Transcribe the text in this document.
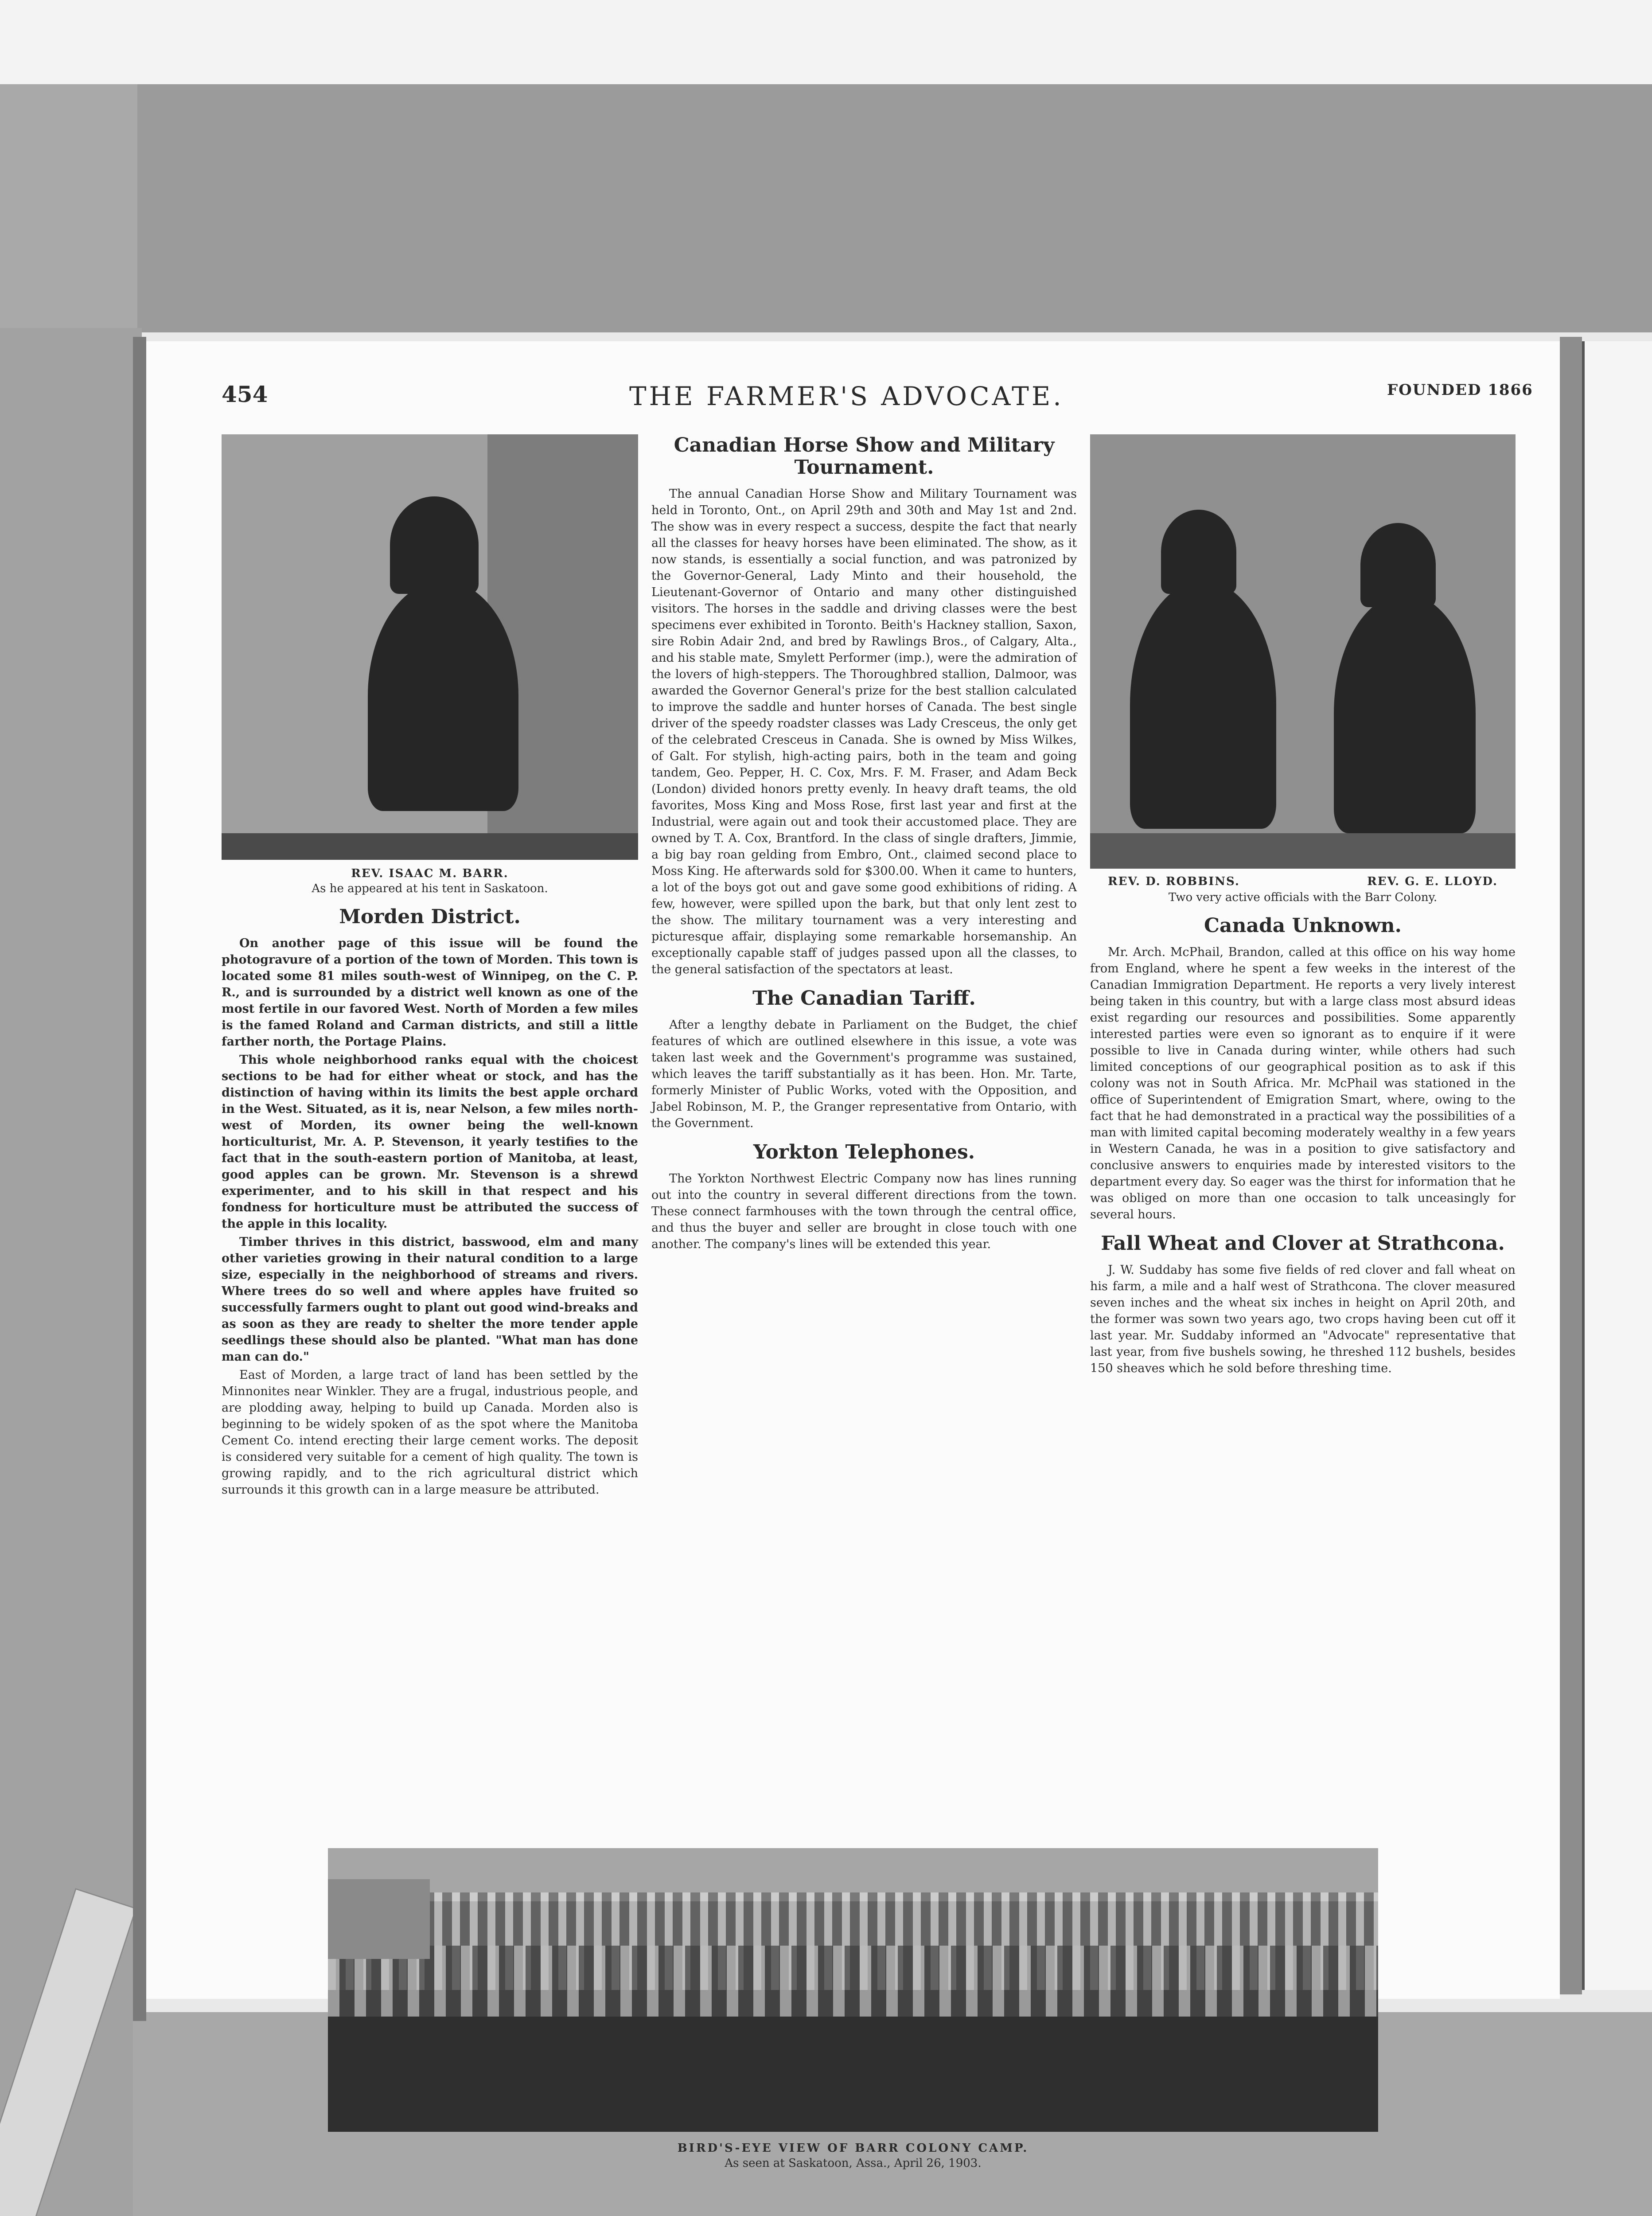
454	THE FARMER'S ADVOCATE.	FOUNDED 1866
REV. ISAAC M. BARR.
As he appeared at his tent in Saskatoon.
Morden District.

On another page of this issue will be found the photogravure of a portion of the town of Morden. This town is located some 81 miles south-west of Winnipeg, on the C. P. R., and is surrounded by a district well known as one of the most fertile in our favored West. North of Morden a few miles is the famed Roland and Carman districts, and still a little farther north, the Portage Plains.

This whole neighborhood ranks equal with the choicest sections to be had for either wheat or stock, and has the distinction of having within its limits the best apple orchard in the West. Situated, as it is, near Nelson, a few miles north-west of Morden, its owner being the well-known horticulturist, Mr. A. P. Stevenson, it yearly testifies to the fact that in the south-eastern portion of Manitoba, at least, good apples can be grown. Mr. Stevenson is a shrewd experimenter, and to his skill in that respect and his fondness for horticulture must be attributed the success of the apple in this locality.

Timber thrives in this district, basswood, elm and many other varieties growing in their natural condition to a large size, especially in the neighborhood of streams and rivers. Where trees do so well and where apples have fruited so successfully farmers ought to plant out good wind-breaks and as soon as they are ready to shelter the more tender apple seedlings these should also be planted. "What man has done man can do."

East of Morden, a large tract of land has been settled by the Minnonites near Winkler. They are a frugal, industrious people, and are plodding away, helping to build up Canada. Morden also is beginning to be widely spoken of as the spot where the Manitoba Cement Co. intend erecting their large cement works. The deposit is considered very suitable for a cement of high quality. The town is growing rapidly, and to the rich agricultural district which surrounds it this growth can in a large measure be attributed.

Canadian Horse Show and Military Tournament.

The annual Canadian Horse Show and Military Tournament was held in Toronto, Ont., on April 29th and 30th and May 1st and 2nd. The show was in every respect a success, despite the fact that nearly all the classes for heavy horses have been eliminated. The show, as it now stands, is essentially a social function, and was patronized by the Governor-General, Lady Minto and their household, the Lieutenant-Governor of Ontario and many other distinguished visitors. The horses in the saddle and driving classes were the best specimens ever exhibited in Toronto. Beith's Hackney stallion, Saxon, sire Robin Adair 2nd, and bred by Rawlings Bros., of Calgary, Alta., and his stable mate, Smylett Performer (imp.), were the admiration of the lovers of high-steppers. The Thoroughbred stallion, Dalmoor, was awarded the Governor General's prize for the best stallion calculated to improve the saddle and hunter horses of Canada. The best single driver of the speedy roadster classes was Lady Cresceus, the only get of the celebrated Cresceus in Canada. She is owned by Miss Wilkes, of Galt. For stylish, high-acting pairs, both in the team and going tandem, Geo. Pepper, H. C. Cox, Mrs. F. M. Fraser, and Adam Beck (London) divided honors pretty evenly. In heavy draft teams, the old favorites, Moss King and Moss Rose, first last year and first at the Industrial, were again out and took their accustomed place. They are owned by T. A. Cox, Brantford. In the class of single drafters, Jimmie, a big bay roan gelding from Embro, Ont., claimed second place to Moss King. He afterwards sold for $300.00. When it came to hunters, a lot of the boys got out and gave some good exhibitions of riding. A few, however, were spilled upon the bark, but that only lent zest to the show. The military tournament was a very interesting and picturesque affair, displaying some remarkable horsemanship. An exceptionally capable staff of judges passed upon all the classes, to the general satisfaction of the spectators at least.

The Canadian Tariff.

After a lengthy debate in Parliament on the Budget, the chief features of which are outlined elsewhere in this issue, a vote was taken last week and the Government's programme was sustained, which leaves the tariff substantially as it has been. Hon. Mr. Tarte, formerly Minister of Public Works, voted with the Opposition, and Jabel Robinson, M. P., the Granger representative from Ontario, with the Government.

Yorkton Telephones.

The Yorkton Northwest Electric Company now has lines running out into the country in several different directions from the town. These connect farmhouses with the town through the central office, and thus the buyer and seller are brought in close touch with one another. The company's lines will be extended this year.

REV. D. ROBBINS.	REV. G. E. LLOYD.
Two very active officials with the Barr Colony.
Canada Unknown.

Mr. Arch. McPhail, Brandon, called at this office on his way home from England, where he spent a few weeks in the interest of the Canadian Immigration Department. He reports a very lively interest being taken in this country, but with a large class most absurd ideas exist regarding our resources and possibilities. Some apparently interested parties were even so ignorant as to enquire if it were possible to live in Canada during winter, while others had such limited conceptions of our geographical position as to ask if this colony was not in South Africa. Mr. McPhail was stationed in the office of Superintendent of Emigration Smart, where, owing to the fact that he had demonstrated in a practical way the possibilities of a man with limited capital becoming moderately wealthy in a few years in Western Canada, he was in a position to give satisfactory and conclusive answers to enquiries made by interested visitors to the department every day. So eager was the thirst for information that he was obliged on more than one occasion to talk unceasingly for several hours.

Fall Wheat and Clover at Strathcona.

J. W. Suddaby has some five fields of red clover and fall wheat on his farm, a mile and a half west of Strathcona. The clover measured seven inches and the wheat six inches in height on April 20th, and the former was sown two years ago, two crops having been cut off it last year. Mr. Suddaby informed an "Advocate" representative that last year, from five bushels sowing, he threshed 112 bushels, besides 150 sheaves which he sold before threshing time.

BIRD'S-EYE VIEW OF BARR COLONY CAMP.
As seen at Saskatoon, Assa., April 26, 1903.
